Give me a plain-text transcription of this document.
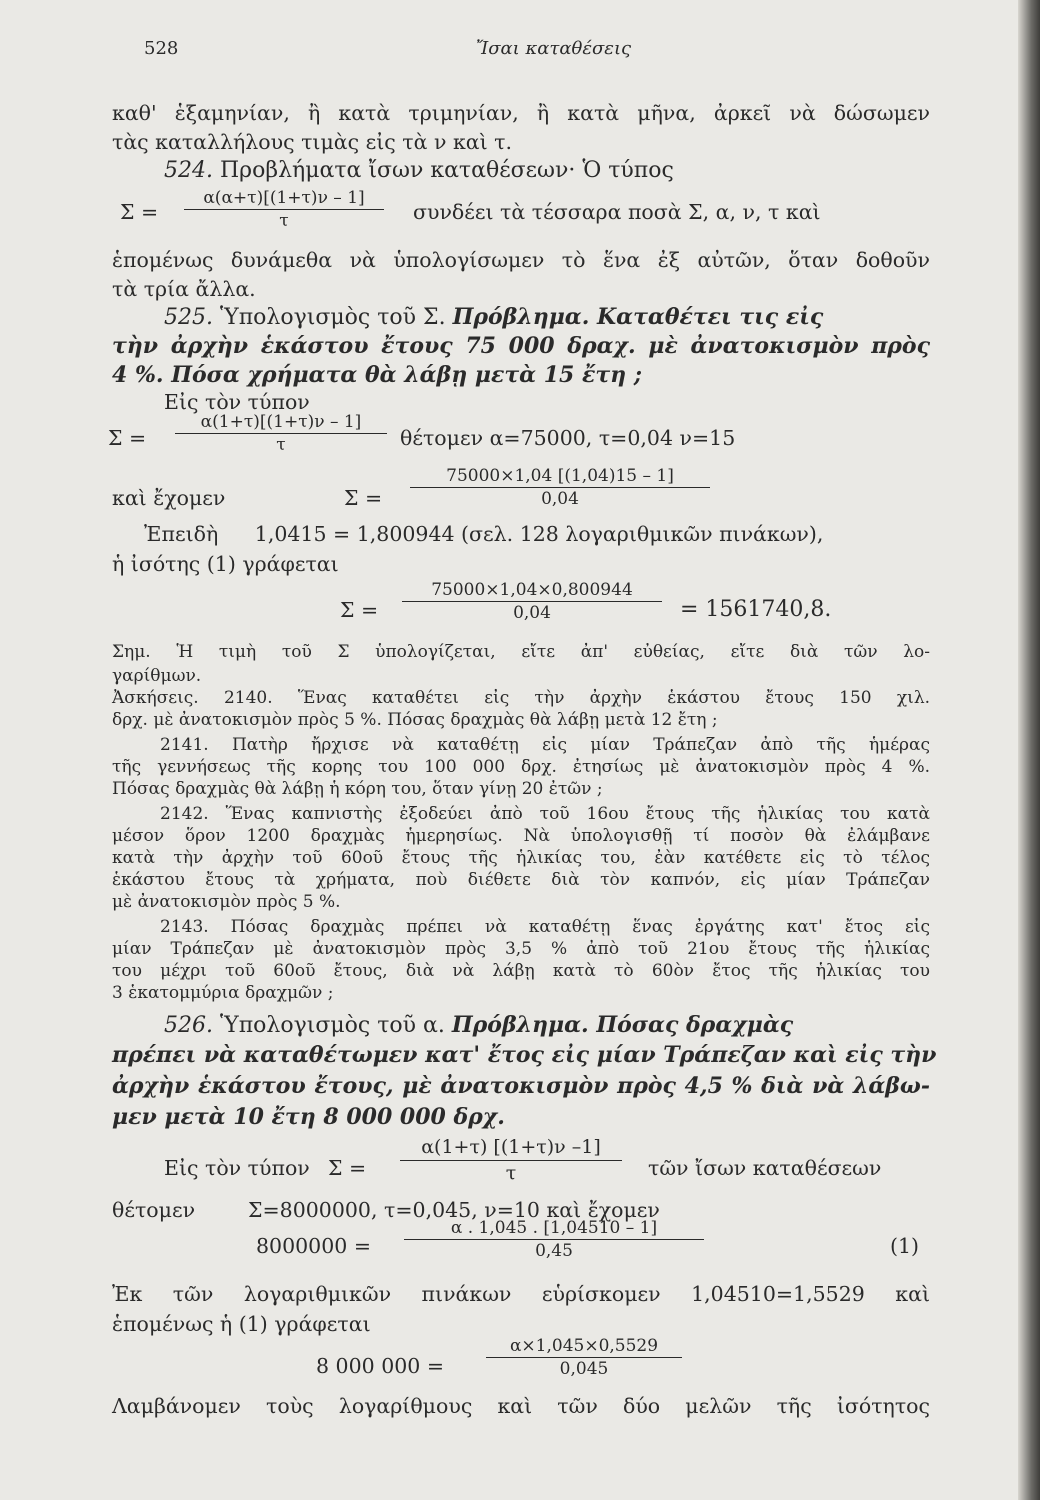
528	Ἴσαι καταθέσεις
καθ' ἑξαμηνίαν, ἢ κατὰ τριμηνίαν, ἢ κατὰ μῆνα, ἀρκεῖ νὰ δώσωμεν
τὰς καταλλήλους τιμὰς εἰς τὰ ν καὶ τ.
524. Προβλήματα ἴσων καταθέσεων· Ὁ τύπος
$\Sigma = \frac{\alpha(\alpha+\tau)[(1+\tau)\nu - 1]}{\tau}$ συνδέει τὰ τέσσαρα ποσὰ Σ, α, ν, τ καὶ
ἑπομένως δυνάμεθα νὰ ὑπολογίσωμεν τὸ ἕνα ἐξ αὐτῶν, ὅταν δοθοῦν
τὰ τρία ἄλλα.
525. Ὑπολογισμὸς τοῦ Σ. Πρόβλημα. Καταθέτει τις εἰς
τὴν ἀρχὴν ἑκάστου ἔτους 75 000 δραχ. μὲ ἀνατοκισμὸν πρὸς
4 %. Πόσα χρήματα θὰ λάβῃ μετὰ 15 ἔτη ;
Εἰς τὸν τύπον
$\Sigma = \frac{\alpha(1+\tau)[(1+\tau)\nu - 1]}{\tau}$ θέτομεν α=75000, τ=0,04 ν=15
καὶ ἔχομεν	$\Sigma = \frac{75000\times 1,04 [(1,04)15 - 1]}{0,04}$
Ἐπειδὴ 1,0415 = 1,800944 (σελ. 128 λογαριθμικῶν πινάκων),
ἡ ἰσότης (1) γράφεται
$\Sigma = \frac{75000\times 1,04\times 0,800944}{0,04} = 1561740,8$.
Σημ. Ἡ τιμὴ τοῦ Σ ὑπολογίζεται, εἴτε ἀπ' εὐθείας, εἴτε διὰ τῶν λο-
γαρίθμων.
Ἀσκήσεις. 2140. Ἕνας καταθέτει εἰς τὴν ἀρχὴν ἑκάστου ἔτους 150 χιλ.
δρχ. μὲ ἀνατοκισμὸν πρὸς 5 %. Πόσας δραχμὰς θὰ λάβῃ μετὰ 12 ἔτη ;
2141. Πατὴρ ἤρχισε νὰ καταθέτῃ εἰς μίαν Τράπεζαν ἀπὸ τῆς ἡμέρας
τῆς γεννήσεως τῆς κορης του 100 000 δρχ. ἐτησίως μὲ ἀνατοκισμὸν πρὸς 4 %.
Πόσας δραχμὰς θὰ λάβῃ ἡ κόρη του, ὅταν γίνῃ 20 ἐτῶν ;
2142. Ἕνας καπνιστὴς ἐξοδεύει ἀπὸ τοῦ 16ου ἔτους τῆς ἡλικίας του κατὰ
μέσον ὅρον 1200 δραχμὰς ἡμερησίως. Νὰ ὑπολογισθῇ τί ποσὸν θὰ ἐλάμβανε
κατὰ τὴν ἀρχὴν τοῦ 60οῦ ἔτους τῆς ἡλικίας του, ἐὰν κατέθετε εἰς τὸ τέλος
ἑκάστου ἔτους τὰ χρήματα, ποὺ διέθετε διὰ τὸν καπνόν, εἰς μίαν Τράπεζαν
μὲ ἀνατοκισμὸν πρὸς 5 %.
2143. Πόσας δραχμὰς πρέπει νὰ καταθέτῃ ἕνας ἐργάτης κατ' ἔτος εἰς
μίαν Τράπεζαν μὲ ἀνατοκισμὸν πρὸς 3,5 % ἀπὸ τοῦ 21ου ἔτους τῆς ἡλικίας
του μέχρι τοῦ 60οῦ ἔτους, διὰ νὰ λάβῃ κατὰ τὸ 60ὸν ἔτος τῆς ἡλικίας του
3 ἑκατομμύρια δραχμῶν ;
526. Ὑπολογισμὸς τοῦ α. Πρόβλημα. Πόσας δραχμὰς
πρέπει νὰ καταθέτωμεν κατ' ἔτος εἰς μίαν Τράπεζαν καὶ εἰς τὴν
ἀρχὴν ἑκάστου ἔτους, μὲ ἀνατοκισμὸν πρὸς 4,5 % διὰ νὰ λάβω-
μεν μετὰ 10 ἔτη 8 000 000 δρχ.
Εἰς τὸν τύπον $\Sigma = \frac{\alpha(1+\tau) [(1+\tau)\nu -1]}{\tau}$ τῶν ἴσων καταθέσεων
θέτομεν	Σ=8000000, τ=0,045, ν=10 καὶ ἔχομεν
$8000000 = \frac{\alpha . 1,045 . [1,04510 - 1]}{0,45}$	(1)
Ἐκ τῶν λογαριθμικῶν πινάκων εὑρίσκομεν 1,04510=1,5529 καὶ
ἑπομένως ἡ (1) γράφεται
8 000 $000 = \frac{\alpha\times 1,045\times 0,5529}{0,045}$
Λαμβάνομεν τοὺς λογαρίθμους καὶ τῶν δύο μελῶν τῆς ἰσότητος
